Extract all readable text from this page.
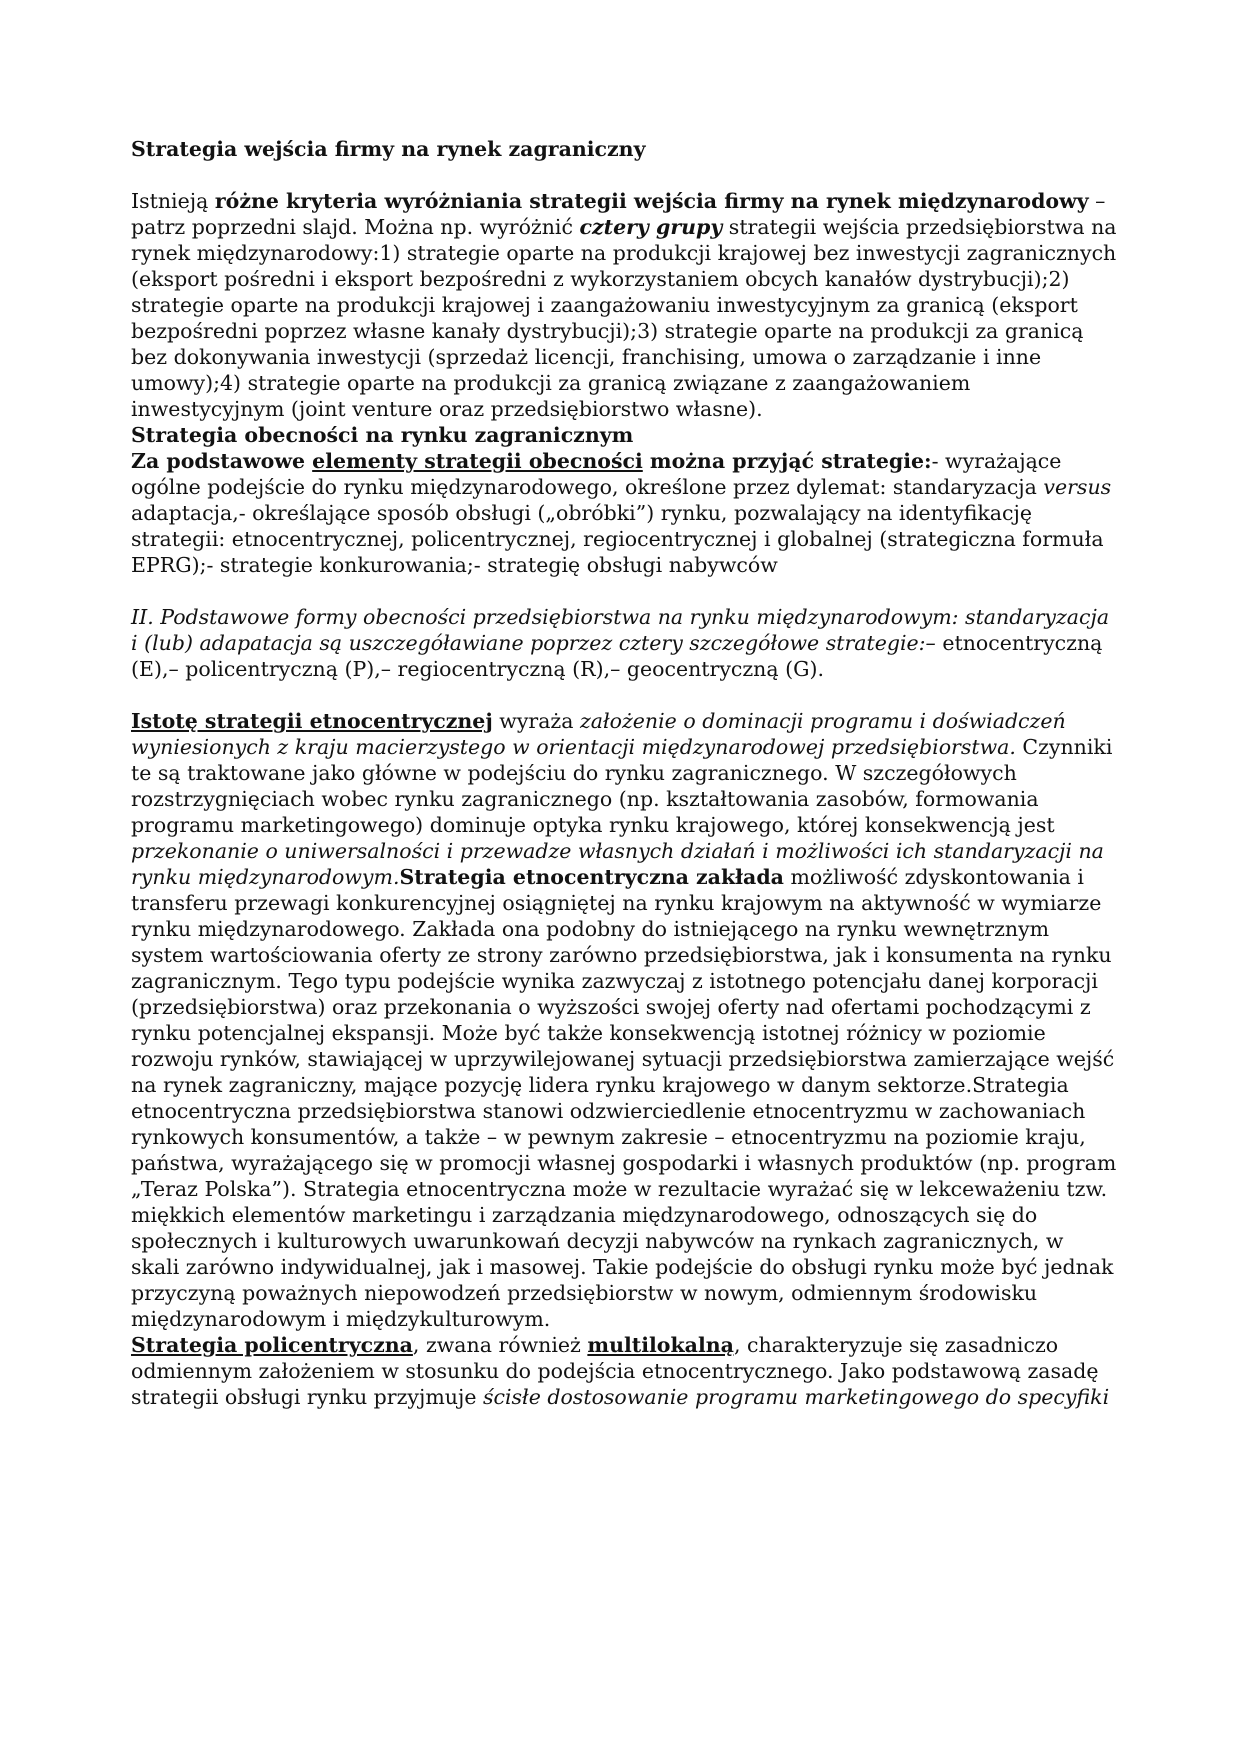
Strategia wejścia firmy na rynek zagraniczny

Istnieją różne kryteria wyróżniania strategii wejścia firmy na rynek międzynarodowy – patrz poprzedni slajd. Można np. wyróżnić cztery grupy strategii wejścia przedsiębiorstwa na rynek międzynarodowy:1) strategie oparte na produkcji krajowej bez inwestycji zagranicznych (eksport pośredni i eksport bezpośredni z wykorzystaniem obcych kanałów dystrybucji);2) strategie oparte na produkcji krajowej i zaangażowaniu inwestycyjnym za granicą (eksport bezpośredni poprzez własne kanały dystrybucji);3) strategie oparte na produkcji za granicą bez dokonywania inwestycji (sprzedaż licencji, franchising, umowa o zarządzanie i inne umowy);4) strategie oparte na produkcji za granicą związane z zaangażowaniem inwestycyjnym (joint venture oraz przedsiębiorstwo własne).

Strategia obecności na rynku zagranicznym

Za podstawowe elementy strategii obecności można przyjąć strategie:- wyrażające ogólne podejście do rynku międzynarodowego, określone przez dylemat: standaryzacja versus adaptacja,- określające sposób obsługi („obróbki”) rynku, pozwalający na identyfikację strategii: etnocentrycznej, policentrycznej, regiocentrycznej i globalnej (strategiczna formuła EPRG);- strategie konkurowania;- strategię obsługi nabywców

II. Podstawowe formy obecności przedsiębiorstwa na rynku międzynarodowym: standaryzacja i (lub) adapatacja są uszczegóławiane poprzez cztery szczegółowe strategie:– etnocentryczną (E),– policentryczną (P),– regiocentryczną (R),– geocentryczną (G).

Istotę strategii etnocentrycznej wyraża założenie o dominacji programu i doświadczeń wyniesionych z kraju macierzystego w orientacji międzynarodowej przedsiębiorstwa. Czynniki te są traktowane jako główne w podejściu do rynku zagranicznego. W szczegółowych rozstrzygnięciach wobec rynku zagranicznego (np. kształtowania zasobów, formowania programu marketingowego) dominuje optyka rynku krajowego, której konsekwencją jest przekonanie o uniwersalności i przewadze własnych działań i możliwości ich standaryzacji na rynku międzynarodowym.Strategia etnocentryczna zakłada możliwość zdyskontowania i transferu przewagi konkurencyjnej osiągniętej na rynku krajowym na aktywność w wymiarze rynku międzynarodowego. Zakłada ona podobny do istniejącego na rynku wewnętrznym system wartościowania oferty ze strony zarówno przedsiębiorstwa, jak i konsumenta na rynku zagranicznym. Tego typu podejście wynika zazwyczaj z istotnego potencjału danej korporacji (przedsiębiorstwa) oraz przekonania o wyższości swojej oferty nad ofertami pochodzącymi z rynku potencjalnej ekspansji. Może być także konsekwencją istotnej różnicy w poziomie rozwoju rynków, stawiającej w uprzywilejowanej sytuacji przedsiębiorstwa zamierzające wejść na rynek zagraniczny, mające pozycję lidera rynku krajowego w danym sektorze.Strategia etnocentryczna przedsiębiorstwa stanowi odzwierciedlenie etnocentryzmu w zachowaniach rynkowych konsumentów, a także – w pewnym zakresie – etnocentryzmu na poziomie kraju, państwa, wyrażającego się w promocji własnej gospodarki i własnych produktów (np. program „Teraz Polska”). Strategia etnocentryczna może w rezultacie wyrażać się w lekceważeniu tzw. miękkich elementów marketingu i zarządzania międzynarodowego, odnoszących się do społecznych i kulturowych uwarunkowań decyzji nabywców na rynkach zagranicznych, w skali zarówno indywidualnej, jak i masowej. Takie podejście do obsługi rynku może być jednak przyczyną poważnych niepowodzeń przedsiębiorstw w nowym, odmiennym środowisku międzynarodowym i międzykulturowym.

Strategia policentryczna, zwana również multilokalną, charakteryzuje się zasadniczo odmiennym założeniem w stosunku do podejścia etnocentrycznego. Jako podstawową zasadę strategii obsługi rynku przyjmuje ścisłe dostosowanie programu marketingowego do specyfiki
